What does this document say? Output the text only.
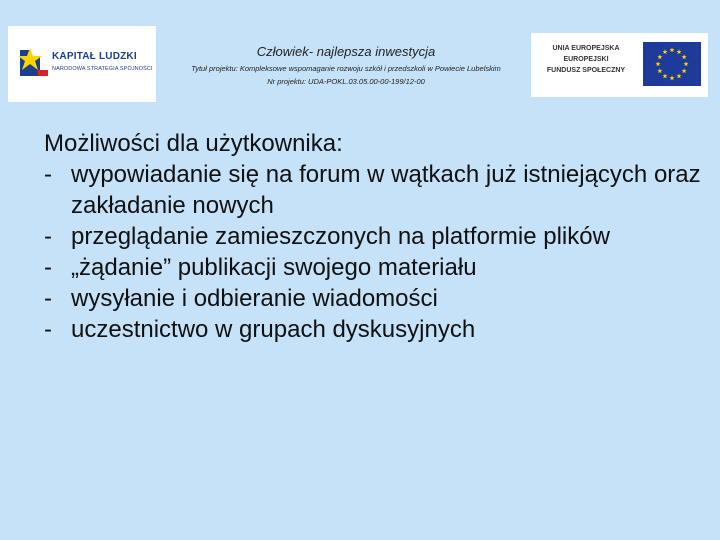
KAPITAŁ LUDZKI
NARODOWA STRATEGIA SPÓJNOŚCI
Człowiek- najlepsza inwestycja
Tytuł projektu: Kompleksowe wspomaganie rozwoju szkół i przedszkoli w Powiecie Lubelskim
Nr projektu: UDA-POKL.03.05.00-00-199/12-00
UNIA EUROPEJSKA
EUROPEJSKI
FUNDUSZ SPOŁECZNY

Możliwości dla użytkownika:

- wypowiadanie się na forum w wątkach już istniejących oraz zakładanie nowych
- przeglądanie zamieszczonych na platformie plików
- „żądanie” publikacji swojego materiału
- wysyłanie i odbieranie wiadomości
- uczestnictwo w grupach dyskusyjnych
